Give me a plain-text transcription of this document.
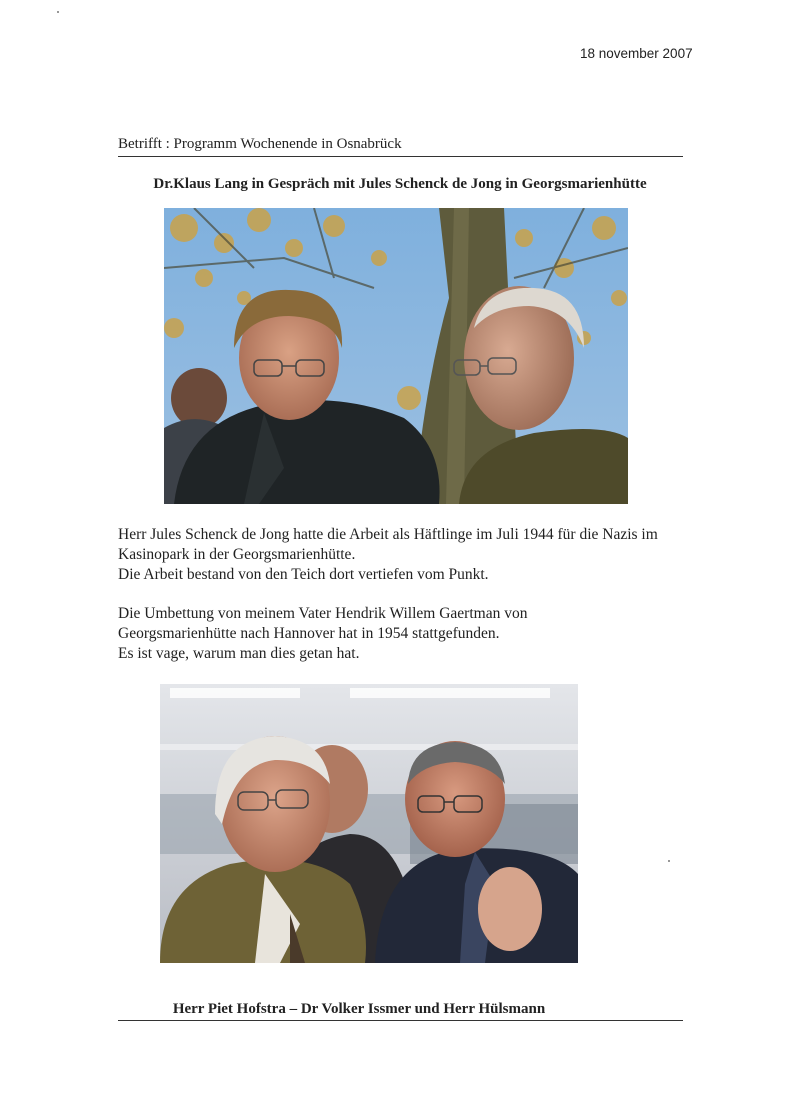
18 november 2007
Betrifft : Programm Wochenende in Osnabrück
Dr.Klaus Lang in Gespräch mit Jules Schenck de Jong in Georgsmarienhütte

Herr Jules Schenck de Jong hatte die Arbeit als Häftlinge im Juli 1944 für die Nazis im

Kasinopark in der Georgsmarienhütte.

Die Arbeit bestand von den Teich dort vertiefen vom Punkt.

Die Umbettung von meinem Vater Hendrik Willem Gaertman von

Georgsmarienhütte nach Hannover hat in 1954 stattgefunden.

Es ist vage, warum man dies getan hat.

Herr Piet Hofstra – Dr Volker Issmer und Herr Hülsmann
